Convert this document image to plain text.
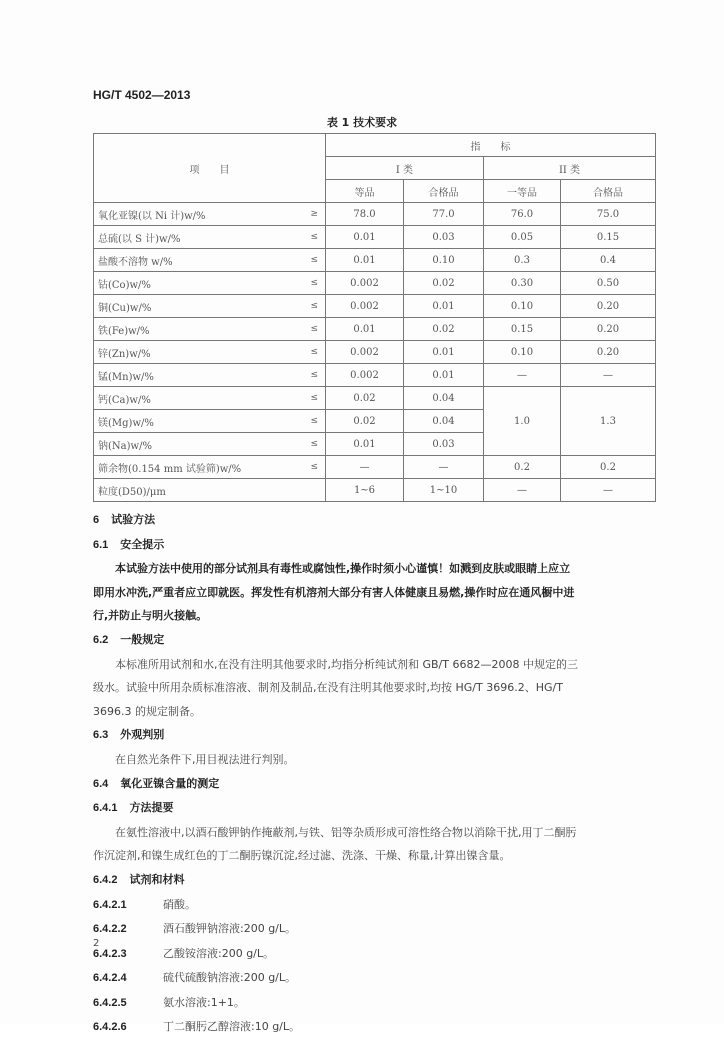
HG/T 4502—2013
表 1 技术要求
项　　目		指　　标			
		I 类		II 类	
		等品	合格品	一等品	合格品
氧化亚镍(以 Ni 计)w/%	≥	78.0	77.0	76.0	75.0
总硫(以 S 计)w/%	≤	0.01	0.03	0.05	0.15
盐酸不溶物 w/%	≤	0.01	0.10	0.3	0.4
钴(Co)w/%	≤	0.002	0.02	0.30	0.50
铜(Cu)w/%	≤	0.002	0.01	0.10	0.20
铁(Fe)w/%	≤	0.01	0.02	0.15	0.20
锌(Zn)w/%	≤	0.002	0.01	0.10	0.20
锰(Mn)w/%	≤	0.002	0.01	—	—
钙(Ca)w/%	≤	0.02	0.04	1.0	1.3
镁(Mg)w/%	≤	0.02	0.04		
钠(Na)w/%	≤	0.01	0.03		
筛余物(0.154 mm 试验筛)w/%	≤	—	—	0.2	0.2
粒度(D50)/μm		1~6	1~10	—	—
6 试验方法
6.1 安全提示
本试验方法中使用的部分试剂具有毒性或腐蚀性,操作时须小心谨慎！如溅到皮肤或眼睛上应立
即用水冲洗,严重者应立即就医。挥发性有机溶剂大部分有害人体健康且易燃,操作时应在通风橱中进
行,并防止与明火接触。
6.2 一般规定
本标准所用试剂和水,在没有注明其他要求时,均指分析纯试剂和 GB/T 6682—2008 中规定的三
级水。试验中所用杂质标准溶液、制剂及制品,在没有注明其他要求时,均按 HG/T 3696.2、HG/T
3696.3 的规定制备。
6.3 外观判别
在自然光条件下,用目视法进行判别。
6.4 氧化亚镍含量的测定
6.4.1 方法提要
在氨性溶液中,以酒石酸钾钠作掩蔽剂,与铁、铝等杂质形成可溶性络合物以消除干扰,用丁二酮肟
作沉淀剂,和镍生成红色的丁二酮肟镍沉淀,经过滤、洗涤、干燥、称量,计算出镍含量。
6.4.2 试剂和材料
6.4.2.1	硝酸。
6.4.2.2	酒石酸钾钠溶液:200 g/L。
6.4.2.3	乙酸铵溶液:200 g/L。
6.4.2.4	硫代硫酸钠溶液:200 g/L。
6.4.2.5	氨水溶液:1+1。
6.4.2.6	丁二酮肟乙醇溶液:10 g/L。
2
